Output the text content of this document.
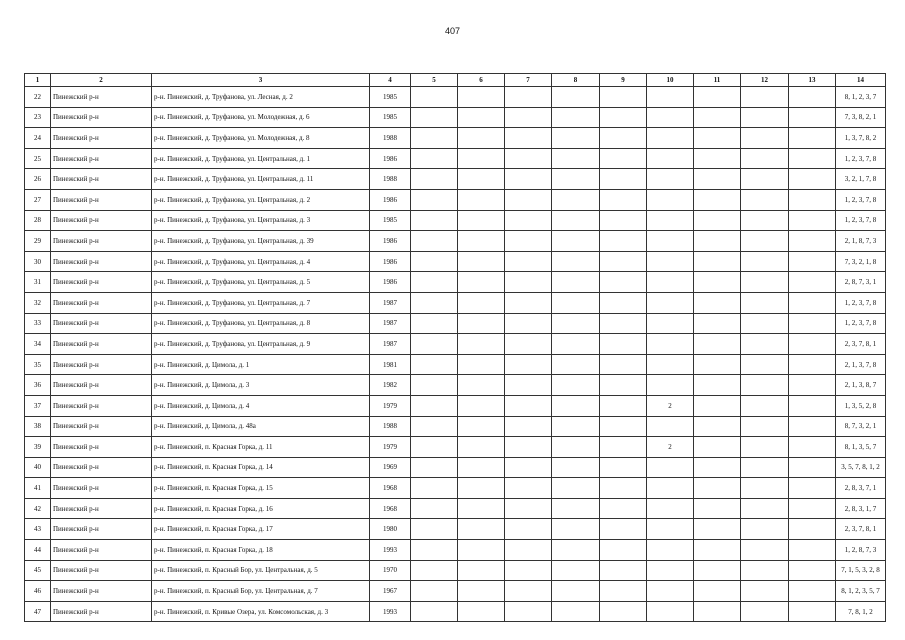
407
1	2	3	4	5	6	7	8	9	10	11	12	13	14
22	Пинежский р-н	р-н. Пинежский, д. Труфанова, ул. Лесная, д. 2	1985										8, 1, 2, 3, 7
23	Пинежский р-н	р-н. Пинежский, д. Труфанова, ул. Молодежная, д. 6	1985										7, 3, 8, 2, 1
24	Пинежский р-н	р-н. Пинежский, д. Труфанова, ул. Молодежная, д. 8	1988										1, 3, 7, 8, 2
25	Пинежский р-н	р-н. Пинежский, д. Труфанова, ул. Центральная, д. 1	1986										1, 2, 3, 7, 8
26	Пинежский р-н	р-н. Пинежский, д. Труфанова, ул. Центральная, д. 11	1988										3, 2, 1, 7, 8
27	Пинежский р-н	р-н. Пинежский, д. Труфанова, ул. Центральная, д. 2	1986										1, 2, 3, 7, 8
28	Пинежский р-н	р-н. Пинежский, д. Труфанова, ул. Центральная, д. 3	1985										1, 2, 3, 7, 8
29	Пинежский р-н	р-н. Пинежский, д. Труфанова, ул. Центральная, д. 39	1986										2, 1, 8, 7, 3
30	Пинежский р-н	р-н. Пинежский, д. Труфанова, ул. Центральная, д. 4	1986										7, 3, 2, 1, 8
31	Пинежский р-н	р-н. Пинежский, д. Труфанова, ул. Центральная, д. 5	1986										2, 8, 7, 3, 1
32	Пинежский р-н	р-н. Пинежский, д. Труфанова, ул. Центральная, д. 7	1987										1, 2, 3, 7, 8
33	Пинежский р-н	р-н. Пинежский, д. Труфанова, ул. Центральная, д. 8	1987										1, 2, 3, 7, 8
34	Пинежский р-н	р-н. Пинежский, д. Труфанова, ул. Центральная, д. 9	1987										2, 3, 7, 8, 1
35	Пинежский р-н	р-н. Пинежский, д. Цимола, д. 1	1981										2, 1, 3, 7, 8
36	Пинежский р-н	р-н. Пинежский, д. Цимола, д. 3	1982										2, 1, 3, 8, 7
37	Пинежский р-н	р-н. Пинежский, д. Цимола, д. 4	1979						2				1, 3, 5, 2, 8
38	Пинежский р-н	р-н. Пинежский, д. Цимола, д. 48а	1988										8, 7, 3, 2, 1
39	Пинежский р-н	р-н. Пинежский, п. Красная Горка, д. 11	1979						2				8, 1, 3, 5, 7
40	Пинежский р-н	р-н. Пинежский, п. Красная Горка, д. 14	1969										3, 5, 7, 8, 1, 2
41	Пинежский р-н	р-н. Пинежский, п. Красная Горка, д. 15	1968										2, 8, 3, 7, 1
42	Пинежский р-н	р-н. Пинежский, п. Красная Горка, д. 16	1968										2, 8, 3, 1, 7
43	Пинежский р-н	р-н. Пинежский, п. Красная Горка, д. 17	1980										2, 3, 7, 8, 1
44	Пинежский р-н	р-н. Пинежский, п. Красная Горка, д. 18	1993										1, 2, 8, 7, 3
45	Пинежский р-н	р-н. Пинежский, п. Красный Бор, ул. Центральная, д. 5	1970										7, 1, 5, 3, 2, 8
46	Пинежский р-н	р-н. Пинежский, п. Красный Бор, ул. Центральная, д. 7	1967										8, 1, 2, 3, 5, 7
47	Пинежский р-н	р-н. Пинежский, п. Кривые Озера, ул. Комсомольская, д. 3	1993										7, 8, 1, 2
